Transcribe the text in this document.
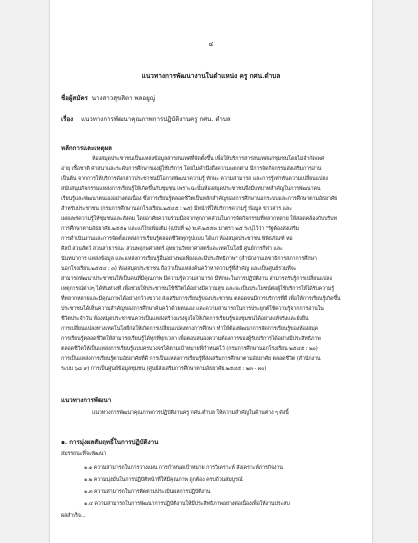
๔
แนวทางการพัฒนางานในตำแหน่ง ครู กศน.ตำบล
ชื่อผู้สมัคร นางสาวสุขสิตา พลอยูญู่
เรื่อง แนวทางการพัฒนาคุณภาพการปฏิบัติงานครู กศน. ตำบล
หลักการและเหตุผล
ห้องสมุดประชาชนเป็นแหล่งข้อมูลสารสนเทศที่จัดตั้งขึ้น เพื่อให้บริการสารสนเทศแก่ชุมชนโดยไม่จำกัดเพศ
อายุ เชื้อชาติ ศาสนาและระดับการศึกษาของผู้ใช้บริการ โดยไม่คำนึงถึงความแตกต่าง มีการจัดกิจกรรมส่งเสริมการอ่าน
เป็นต้น จากการให้บริการดังกล่าวประชาชนมีโอกาสพัฒนาความรู้ ทักษะ ความสามารถ และการรู้เท่าทันความเปลี่ยนแปลง
สนับสนุนกิจกรรมแหล่งการเรียนรู้ให้เกิดขึ้นกับชุมชน เพราะฉะนั้นห้องสมุดประชาชนจึงมีบทบาทสำคัญในการพัฒนาคน
เรียนรู้และพัฒนาตนเองอย่างต่อเนื่อง ซึ่งการเรียนรู้ตลอดชีวิตเป็นหลักสำคัญของการศึกษานอกระบบและการศึกษาตามอัธยาศัย
สำหรับประชาชน (กรมการศึกษานอกโรงเรียน.๒๕๔๕ : ๒๕) มีหน้าที่ให้บริการความรู้ ข้อมูล ข่าวสาร และ
เผยแพร่ความรู้ให้ชุมชนและสังคม โดยอาศัยความร่วมมือจากทุกภาคส่วนในการจัดกิจกรรมที่หลากหลาย ให้สอดคล้องกับบริบท
การศึกษาตามอัธยาศัย.๒๕๕๑ และแก้ไขเพิ่มเติม (ฉบับที่ ๒) พ.ศ.๒๕๕๓ มาตรา ๒๕ ระบุไว้ว่า "รัฐต้องส่งเสริม
การดำเนินงานและการจัดตั้งแหล่งการเรียนรู้ตลอดชีวิตทุกรูปแบบ ได้แก่ ห้องสมุดประชาชน พิพิธภัณฑ์ หอ
ศิลป์ สวนสัตว์ สวนสาธารณะ สวนพฤกษศาสตร์ อุทยานวิทยาศาสตร์และเทคโนโลยี ศูนย์การกีฬา และ
นันทนาการ แหล่งข้อมูล และแหล่งการเรียนรู้อื่นอย่างพอเพียงและมีประสิทธิภาพ" (สำนักงานเลขาธิการสภาการศึกษา
นอกโรงเรียน.๒๕๕๔ : ๓) ห้องสมุดประชาชน ถือว่าเป็นแหล่งค้นคว้าหาความรู้ที่สำคัญ และเป็นศูนย์รวมที่จะ
สามารถพัฒนาประชาชนให้เป็นคนที่มีคุณภาพ มีความรู้ความสามารถ มีทักษะในการปฏิบัติงาน สามารถรับรู้การเปลี่ยนแปลง
เหตุการณ์ต่างๆ ได้ทันท่วงที เพื่อช่วยให้ประชาชนใช้ชีวิตได้อย่างมีความสุข และจะเป็นประโยชน์ต่อผู้ใช้บริการให้ได้รับความรู้
ที่หลากหลายและมีคุณภาพได้อย่างกว้างขวาง ส่งเสริมการเรียนรู้ของประชาชน ตลอดจนมีการบริการที่ดี เพื่อให้การเรียนรู้เกิดขึ้น
ประชาชนได้เห็นความสำคัญของการศึกษาค้นคว้าด้วยตนเอง และความสามารถในการประยุกต์ใช้ความรู้จากการอ่านใน
ชีวิตประจำวัน ห้องสมุดประชาชนควรเป็นแหล่งสร้างแรงจูงใจให้เกิดการเรียนรู้ของชุมชนได้อย่างแท้จริงและยั่งยืน
การเปลี่ยนแปลงทางเทคโนโลยีก่อให้เกิดการเปลี่ยนแปลงทางการศึกษา ทำให้ต้องพัฒนาการจัดการเรียนรู้ของห้องสมุด
การเรียนรู้ตลอดชีวิตให้สามารถเรียนรู้ได้ทุกที่ทุกเวลา เพื่อตอบสนองความต้องการของผู้รับบริการได้อย่างมีประสิทธิภาพ
ตลอดชีวิตให้เป็นแหล่งการเรียนรู้แบบครบวงจรได้ตามเป้าหมายที่กำหนดไว้ (กรมการศึกษานอกโรงเรียน ๒๕๔๕ : ๒๐)
การเป็นแหล่งการเรียนรู้ตามอัธยาศัยที่ดี การเป็นแหล่งการเรียนรู้ที่ส่งเสริมการศึกษาตามอัธยาศัย ตลอดชีวิต (สำนักงาน
ระบบ ๖๘ ๙) การเป็นศูนย์ข้อมูลชุมชน (ศูนย์ส่งเสริมการศึกษาตามอัธยาศัย.๒๕๔๕ : ๒๓ - ๓๐)
แนวทางการพัฒนา
แนวทางการพัฒนาคุณภาพการปฏิบัติงานครู กศน.ตำบล ให้ความสำคัญในด้านต่าง ๆ ดังนี้
๑. การมุ่งผลสัมฤทธิ์ในการปฏิบัติงาน
สมรรถนะที่จะพัฒนา
๑.๑ ความสามารถในการวางแผน การกำหนดเป้าหมาย การวิเคราะห์ สังเคราะห์ภารกิจงาน
๑.๒ ความมุ่งมั่นในการปฏิบัติหน้าที่ให้มีคุณภาพ ถูกต้อง ครบถ้วนสมบูรณ์
๑.๓ ความสามารถในการติดตามประเมินผลการปฏิบัติงาน
๑.๔ ความสามารถในการพัฒนาการปฏิบัติงานให้มีประสิทธิภาพอย่างต่อเนื่องเพื่อให้งานประสบ
ผลสำเร็จ...
